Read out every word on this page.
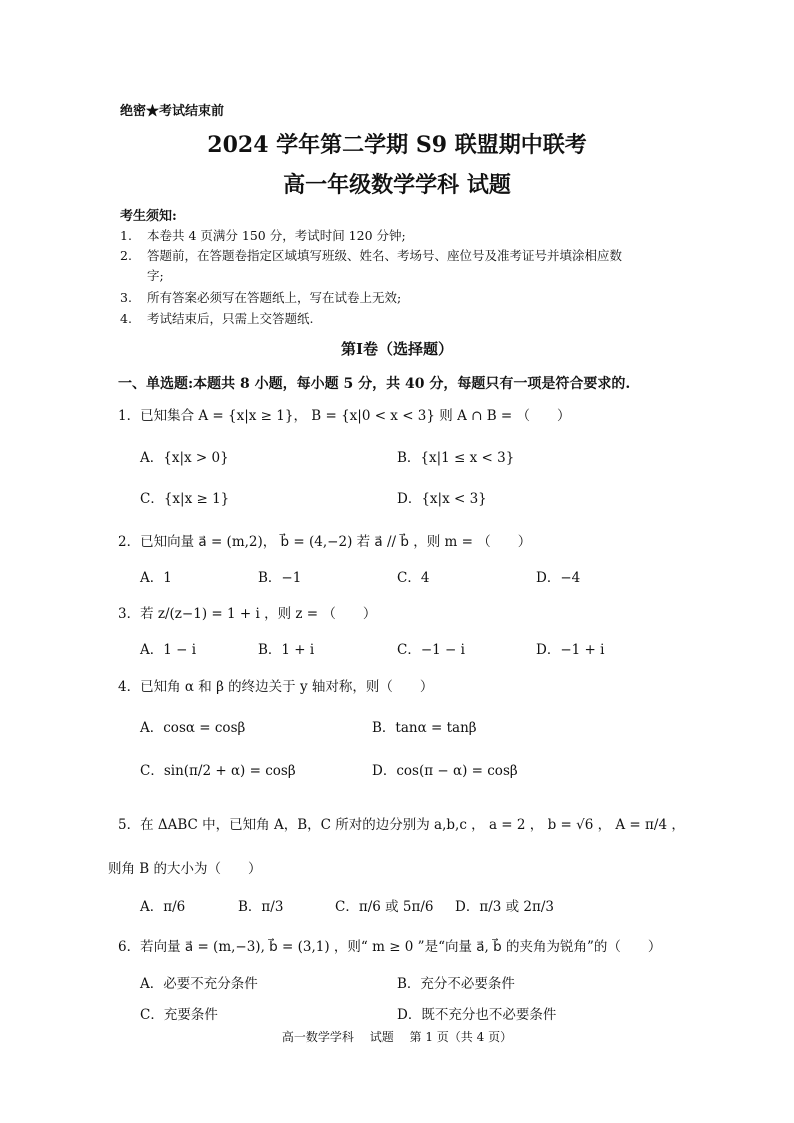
绝密★考试结束前
2024 学年第二学期 S9 联盟期中联考
高一年级数学学科 试题
考生须知:
1. 本卷共 4 页满分 150 分，考试时间 120 分钟;
2. 答题前，在答题卷指定区域填写班级、姓名、考场号、座位号及准考证号并填涂相应数
字;
3. 所有答案必须写在答题纸上，写在试卷上无效;
4. 考试结束后，只需上交答题纸.
第Ⅰ卷（选择题）
一、单选题:本题共 8 小题，每小题 5 分，共 40 分，每题只有一项是符合要求的.
1．已知集合 A = {x|x ≥ 1}， B = {x|0 < x < 3} 则 A ∩ B = （　　）
A．{x|x > 0}	B．{x|1 ≤ x < 3}
C．{x|x ≥ 1}	D．{x|x < 3}
2．已知向量 a⃗ = (m,2)， b⃗ = (4,−2) 若 a⃗ // b⃗ ，则 m = （　　）
A．1	B．−1	C．4	D．−4
3．若 z/(z−1) = 1 + i ，则 z = （　　）
A．1 − i	B．1 + i	C．−1 − i	D．−1 + i
4．已知角 α 和 β 的终边关于 y 轴对称，则（　　）
A．cosα = cosβ	B．tanα = tanβ
C．sin(π/2 + α) = cosβ	D．cos(π − α) = cosβ
5．在 ΔABC 中，已知角 A，B，C 所对的边分别为 a,b,c ， a = 2 ， b = √6 ， A = π/4 ，
则角 B 的大小为（　　）
A．π/6	B．π/3	C．π/6 或 5π/6 D．π/3 或 2π/3
6．若向量 a⃗ = (m,−3), b⃗ = (3,1) ，则“ m ≥ 0 ”是“向量 a⃗, b⃗ 的夹角为锐角”的（　　）
A．必要不充分条件	B．充分不必要条件
C．充要条件	D．既不充分也不必要条件
高一数学学科　 试题　 第 1 页（共 4 页）
